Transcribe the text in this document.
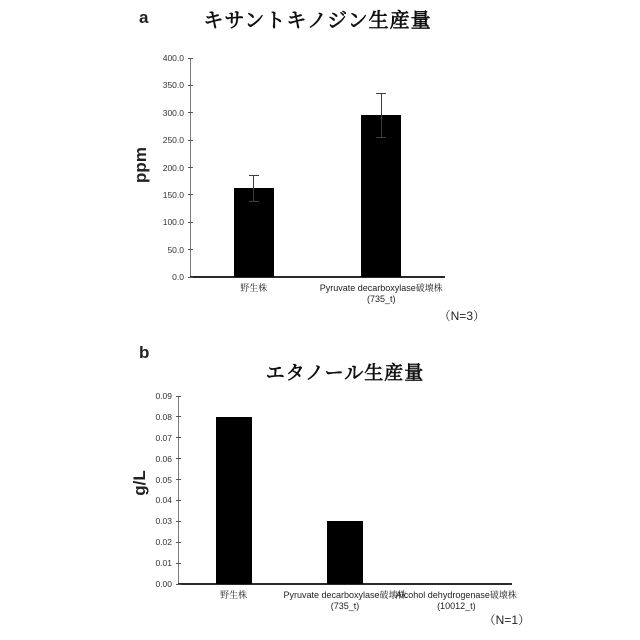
a	キサントキノジン生産量
ppm
0.0
50.0
100.0
150.0
200.0
250.0
300.0
350.0
400.0
野生株	Pyruvate decarboxylase破壊株
(735_t)
（N=3）
b
エタノール生産量
g/L
0.00
0.01
0.02
0.03
0.04
0.05
0.06
0.07
0.08
0.09
野生株	Pyruvate decarboxylase破壊株
(735_t)
Alcohol dehydrogenase破壊株
(10012_t)
（N=1）
